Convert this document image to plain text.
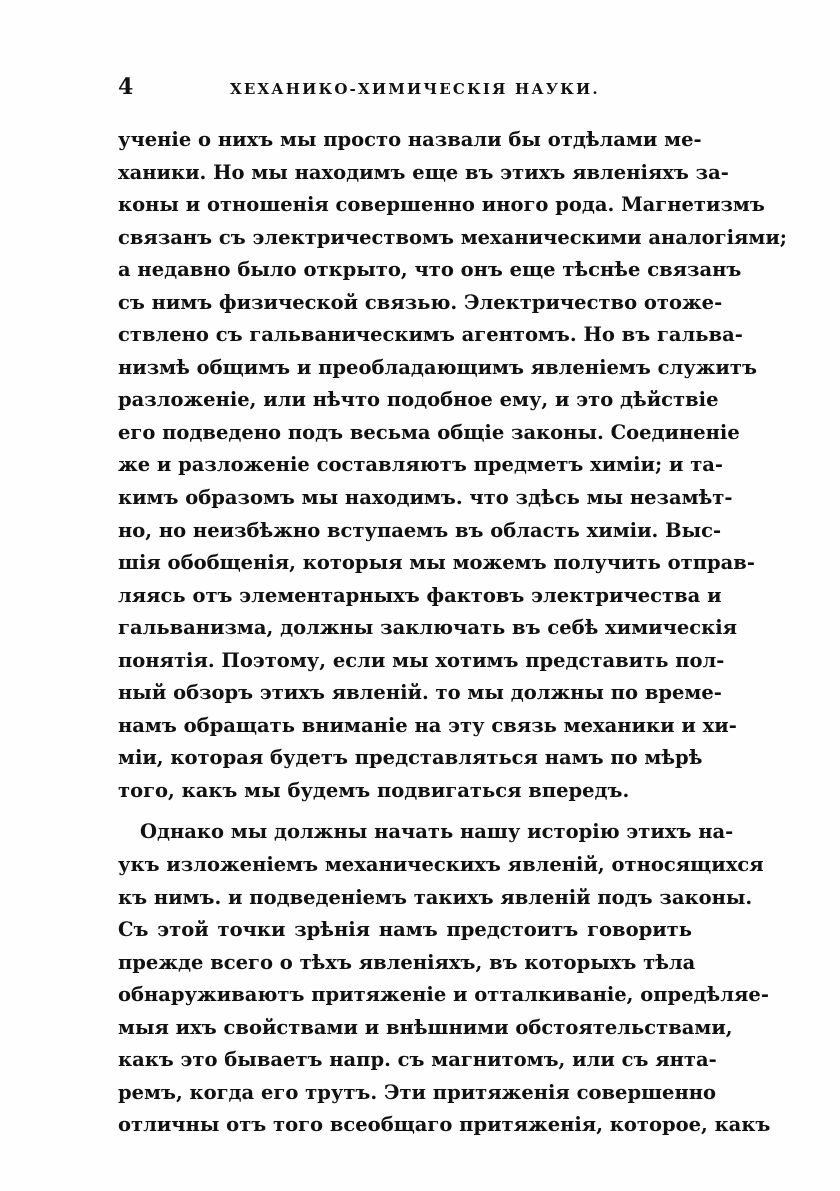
4	ХЕХАНИКО-ХИМИЧЕСКІЯ НАУКИ.
ученіе о нихъ мы просто назвали бы отдѣлами ме-
ханики. Но мы находимъ еще въ этихъ явленіяхъ за-
коны и отношенія совершенно иного рода. Магнетизмъ
связанъ съ электричествомъ механическими аналогіями;
а недавно было открыто, что онъ еще тѣснѣе связанъ
съ нимъ физической связью. Электричество отоже-
ствлено съ гальваническимъ агентомъ. Но въ гальва-
низмѣ общимъ и преобладающимъ явленіемъ служитъ
разложеніе, или нѣчто подобное ему, и это дѣйствіе
его подведено подъ весьма общіе законы. Соединеніе
же и разложеніе составляютъ предметъ химіи; и та-
кимъ образомъ мы находимъ. что здѣсь мы незамѣт-
но, но неизбѣжно вступаемъ въ область химіи. Выс-
шія обобщенія, которыя мы можемъ получить отправ-
ляясь отъ элементарныхъ фактовъ электричества и
гальванизма, должны заключать въ себѣ химическія
понятія. Поэтому, если мы хотимъ представить пол-
ный обзоръ этихъ явленій. то мы должны по време-
намъ обращать вниманіе на эту связь механики и хи-
міи, которая будетъ представляться намъ по мѣрѣ
того, какъ мы будемъ подвигаться впередъ.
Однако мы должны начать нашу исторію этихъ на-
укъ изложеніемъ механическихъ явленій, относящихся
къ нимъ. и подведеніемъ такихъ явленій подъ законы.
Съ этой точки зрѣнія намъ предстоитъ говорить
прежде всего о тѣхъ явленіяхъ, въ которыхъ тѣла
обнаруживаютъ притяженіе и отталкиваніе, опредѣляе-
мыя ихъ свойствами и внѣшними обстоятельствами,
какъ это бываетъ напр. съ магнитомъ, или съ янта-
ремъ, когда его трутъ. Эти притяженія совершенно
отличны отъ того всеобщаго притяженія, которое, какъ
